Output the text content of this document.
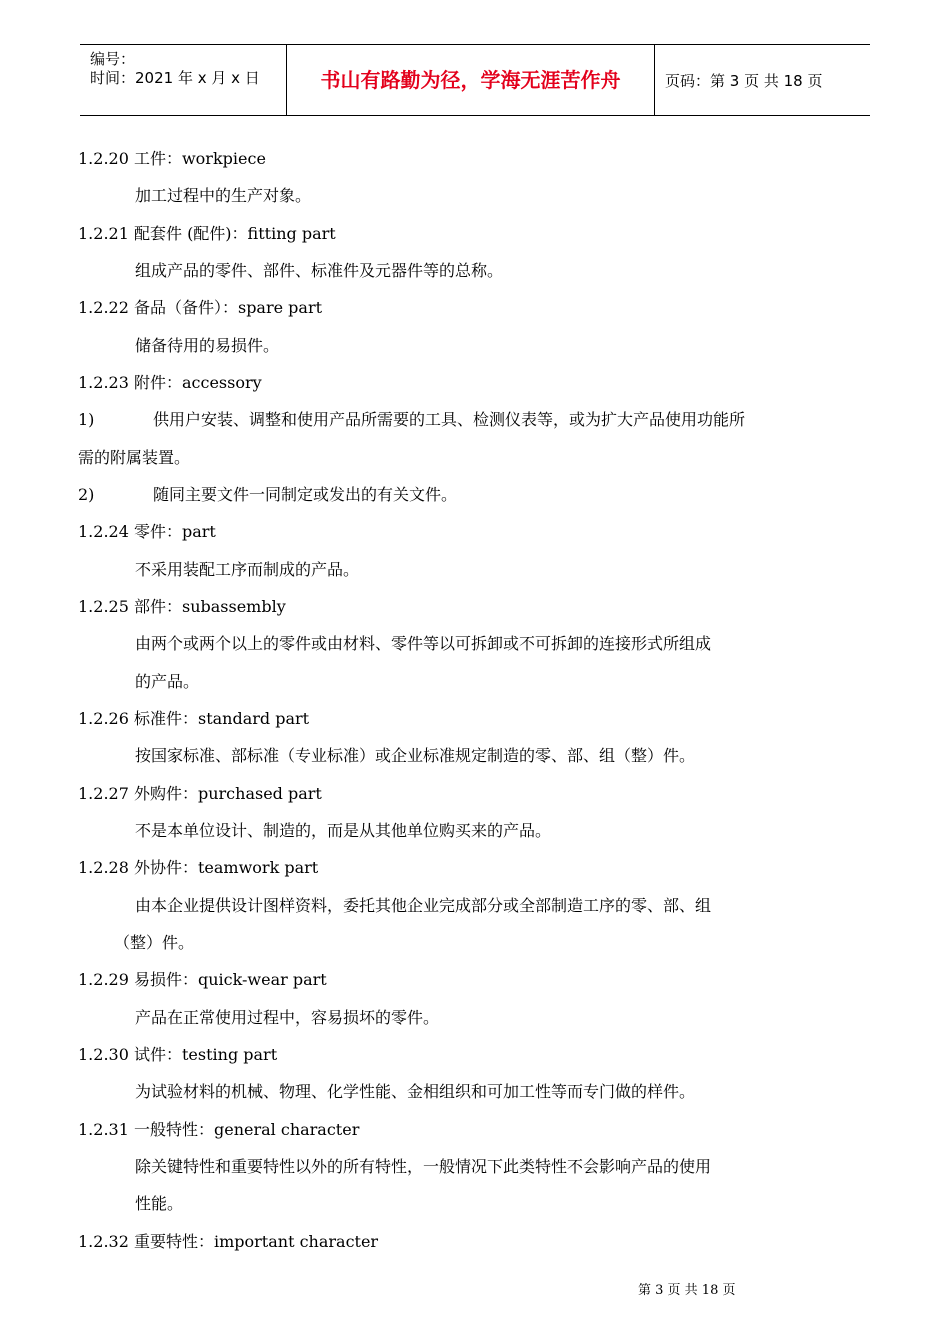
编号：
时间：2021 年 x 月 x 日	书山有路勤为径，学海无涯苦作舟	页码：第 3 页 共 18 页
1.2.20 工件：workpiece
加工过程中的生产对象。
1.2.21 配套件 (配件)：fitting part
组成产品的零件、部件、标准件及元器件等的总称。
1.2.22 备品（备件）：spare part
储备待用的易损件。
1.2.23 附件：accessory
1)	供用户安装、调整和使用产品所需要的工具、检测仪表等，或为扩大产品使用功能所
需的附属装置。
2)	随同主要文件一同制定或发出的有关文件。
1.2.24 零件：part
不采用装配工序而制成的产品。
1.2.25 部件：subassembly
由两个或两个以上的零件或由材料、零件等以可拆卸或不可拆卸的连接形式所组成
的产品。
1.2.26 标准件：standard part
按国家标准、部标准（专业标准）或企业标准规定制造的零、部、组（整）件。
1.2.27 外购件：purchased part
不是本单位设计、制造的，而是从其他单位购买来的产品。
1.2.28 外协件：teamwork part
由本企业提供设计图样资料，委托其他企业完成部分或全部制造工序的零、部、组
（整）件。
1.2.29 易损件：quick-wear part
产品在正常使用过程中，容易损坏的零件。
1.2.30 试件：testing part
为试验材料的机械、物理、化学性能、金相组织和可加工性等而专门做的样件。
1.2.31 一般特性：general character
除关键特性和重要特性以外的所有特性，一般情况下此类特性不会影响产品的使用
性能。
1.2.32 重要特性：important character
第 3 页 共 18 页
